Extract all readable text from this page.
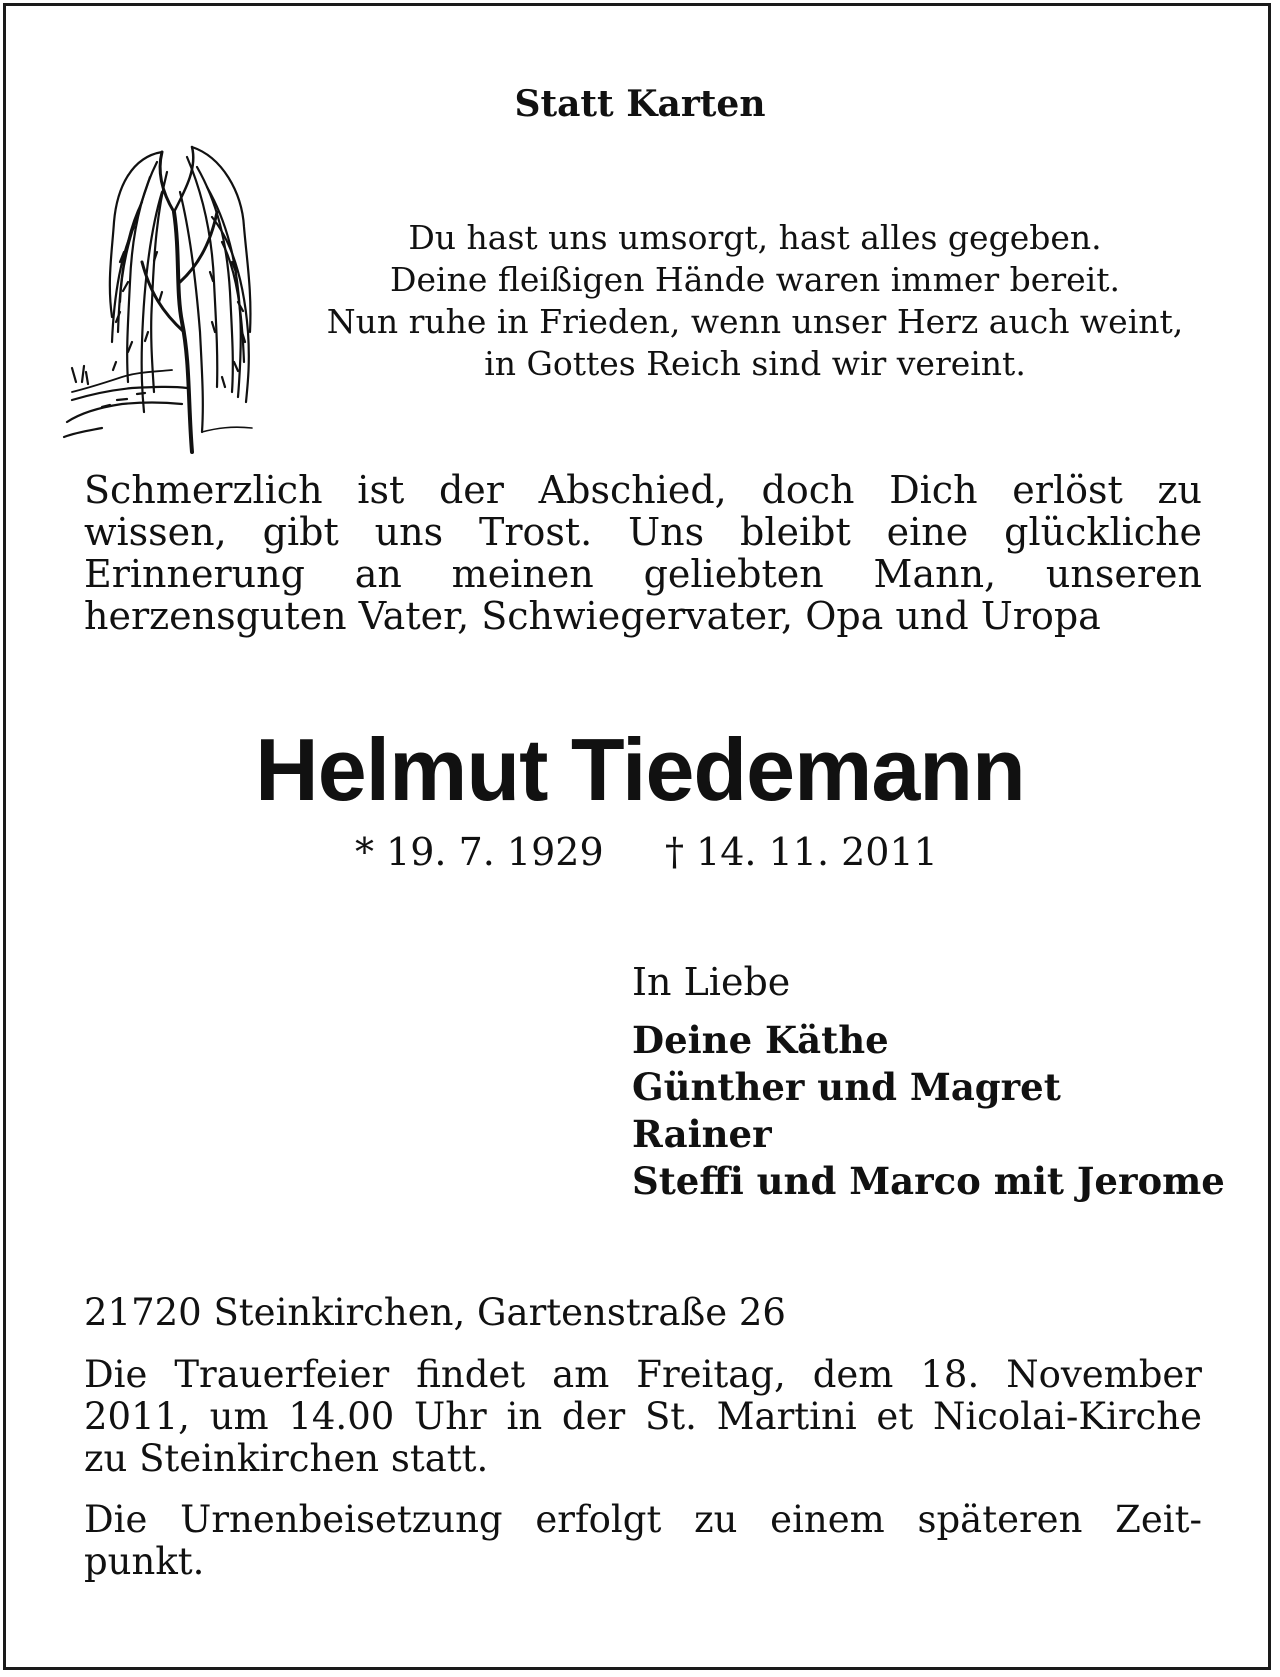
Statt Karten
Du hast uns umsorgt, hast alles gegeben.
Deine fleißigen Hände waren immer bereit.
Nun ruhe in Frieden, wenn unser Herz auch weint,
in Gottes Reich sind wir vereint.
Schmerzlich ist der Abschied, doch Dich erlöst zu
wissen, gibt uns Trost. Uns bleibt eine glückliche
Erinnerung an meinen geliebten Mann, unseren
herzensguten Vater, Schwiegervater, Opa und Uropa
Helmut Tiedemann
* 19. 7. 1929 † 14. 11. 2011
In Liebe
Deine Käthe
Günther und Magret
Rainer
Steffi und Marco mit Jerome
21720 Steinkirchen, Gartenstraße 26
Die Trauerfeier findet am Freitag, dem 18. November
2011, um 14.00 Uhr in der St. Martini et Nicolai-Kirche
zu Steinkirchen statt.
Die Urnenbeisetzung erfolgt zu einem späteren Zeit-
punkt.
